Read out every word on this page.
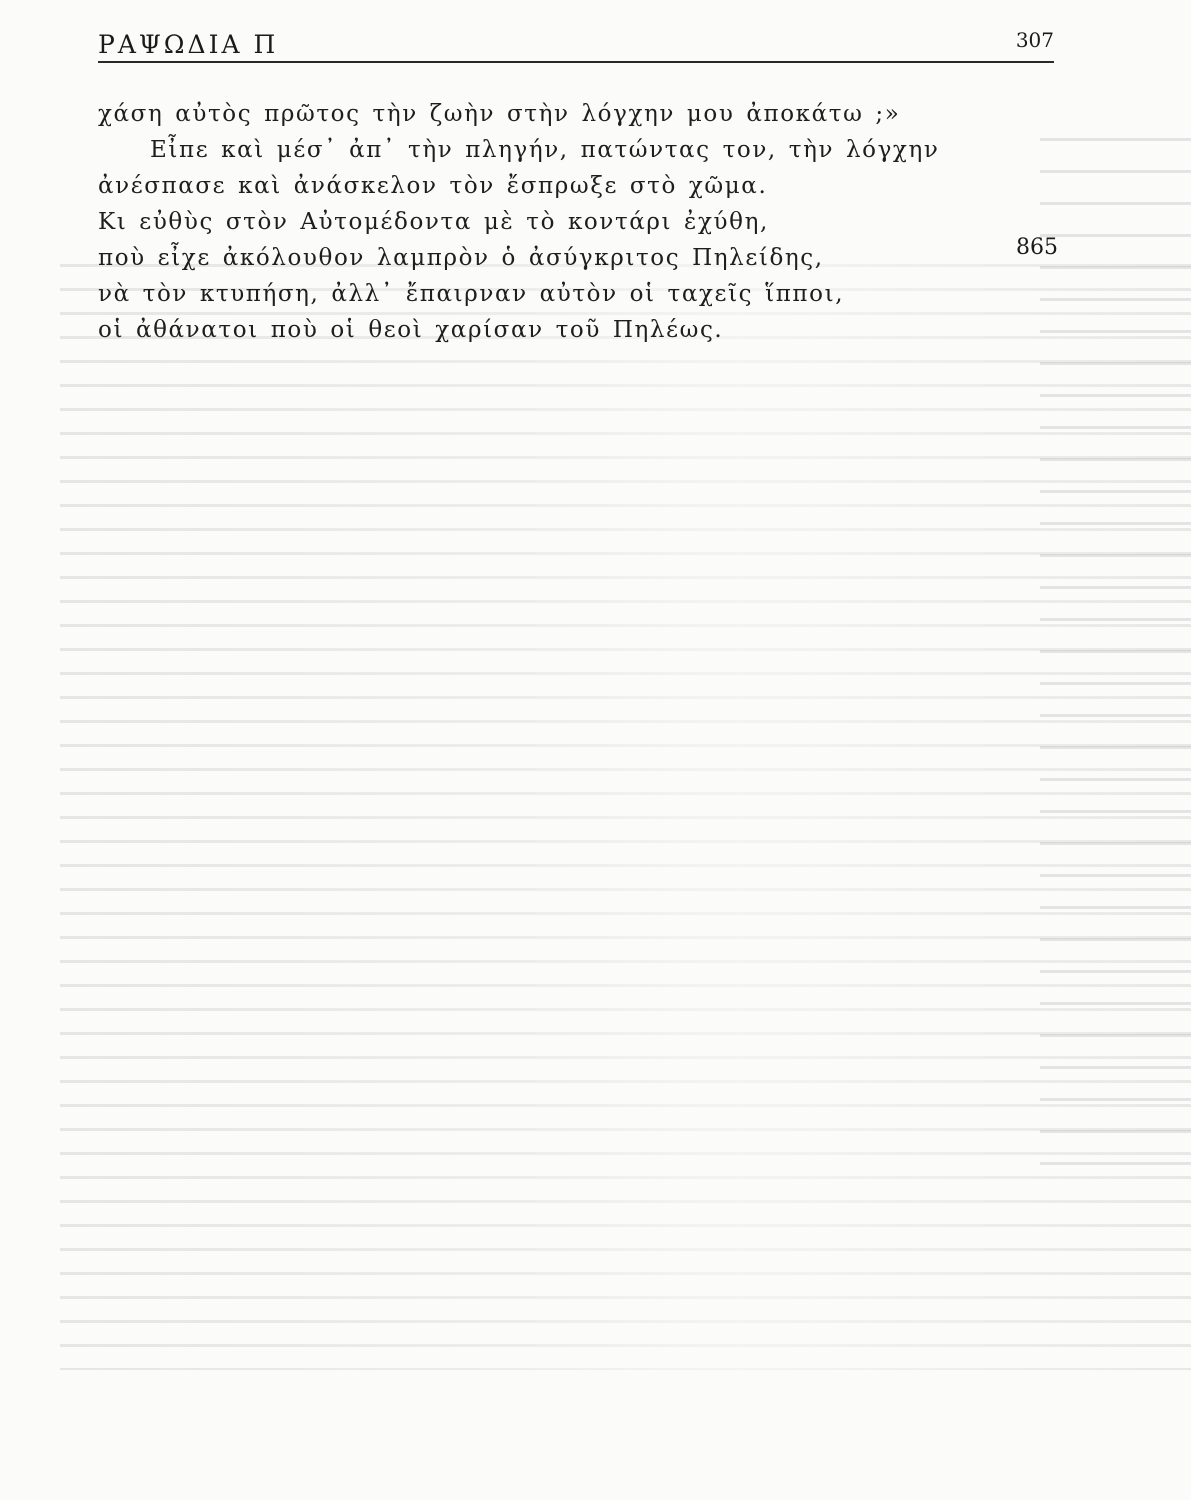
ΡΑΨΩΔΙΑ Π	307
χάση αὐτὸς πρῶτος τὴν ζωὴν στὴν λόγχην μου ἀποκάτω ;»
Εἶπε καὶ μέσ᾿ ἀπ᾿ τὴν πληγήν, πατώντας τον, τὴν λόγχην
ἀνέσπασε καὶ ἀνάσκελον τὸν ἔσπρωξε στὸ χῶμα.
Κι εὐθὺς στὸν Αὐτομέδοντα μὲ τὸ κοντάρι ἐχύθη,
ποὺ εἶχε ἀκόλουθον λαμπρὸν ὁ ἀσύγκριτος Πηλείδης,
νὰ τὸν κτυπήση, ἀλλ᾿ ἔπαιρναν αὐτὸν οἱ ταχεῖς ἵπποι,
οἱ ἀθάνατοι ποὺ οἱ θεοὶ χαρίσαν τοῦ Πηλέως.
865
